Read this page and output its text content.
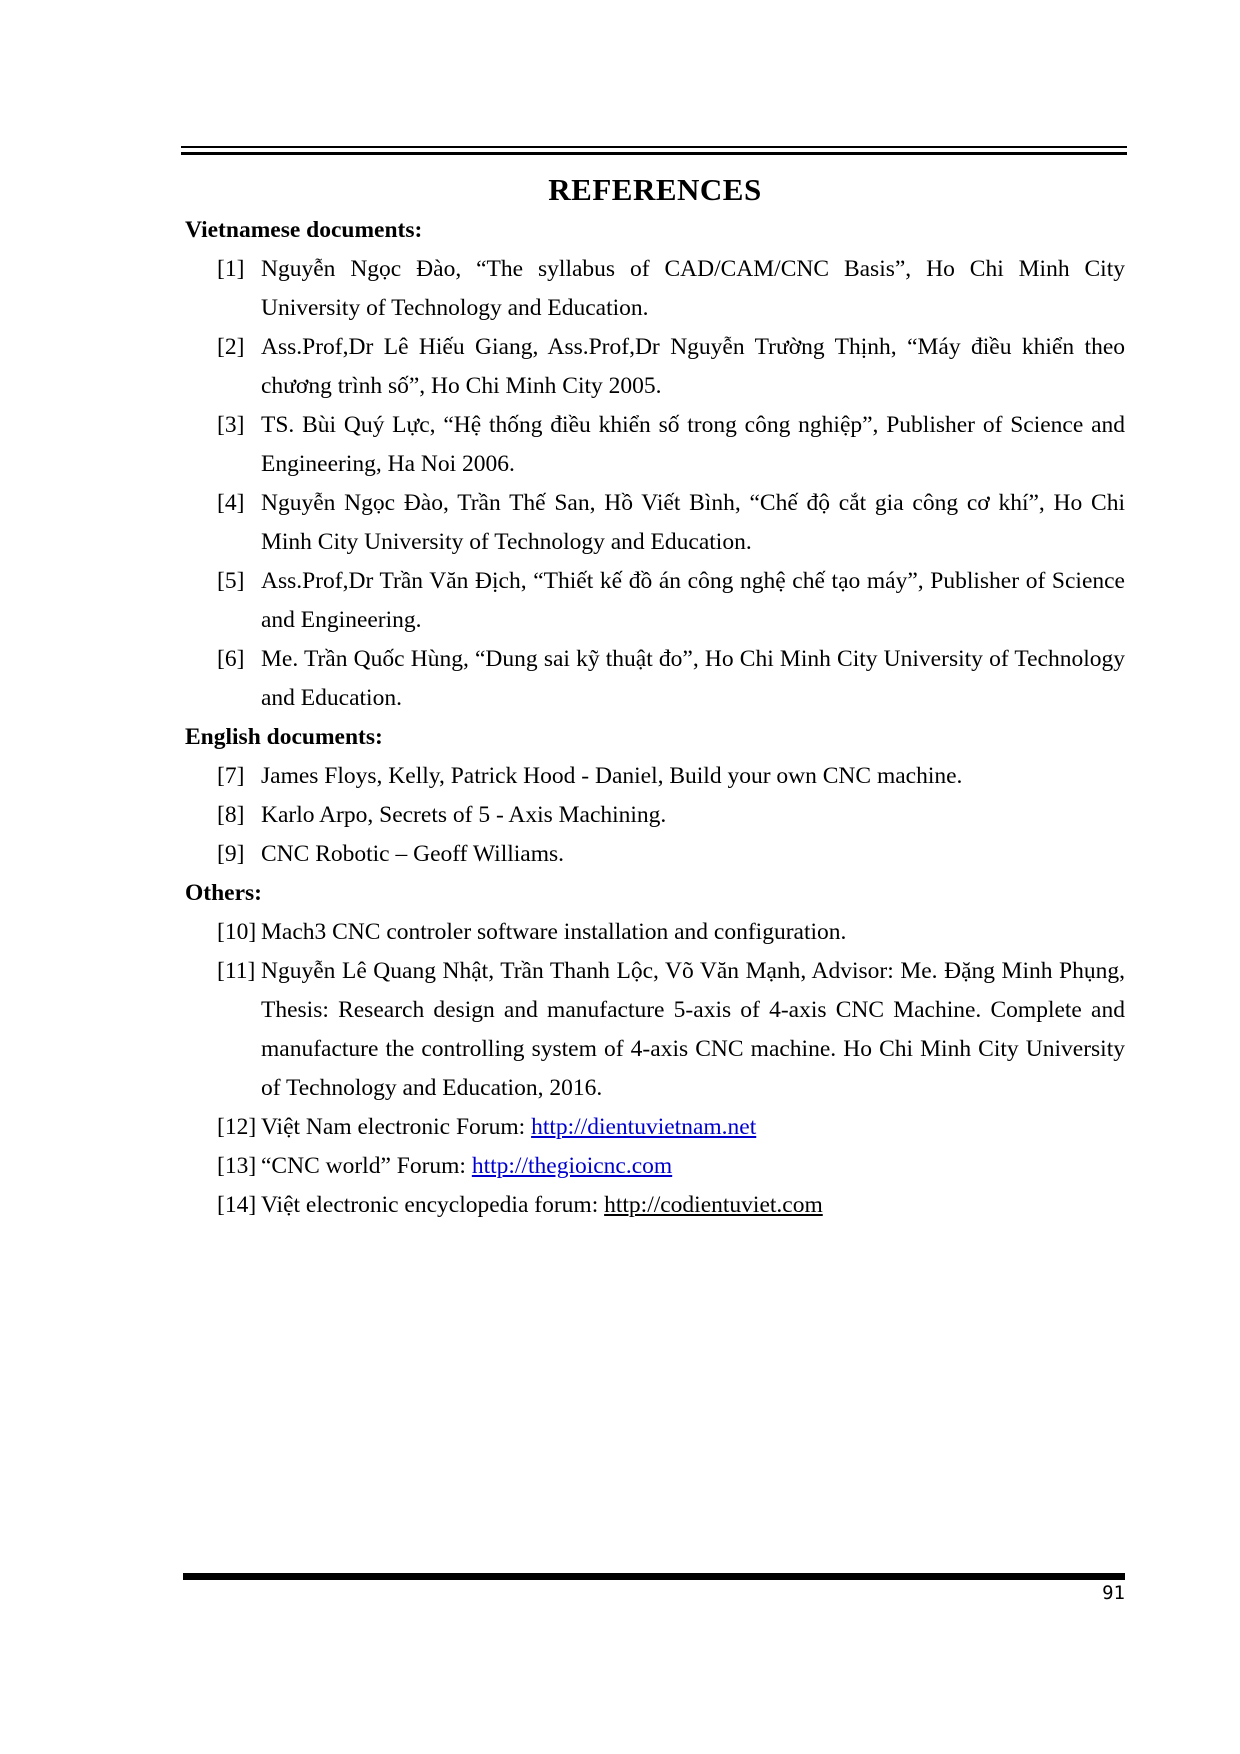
REFERENCES
Vietnamese documents:
[1] Nguyễn Ngọc Đào, “The syllabus of CAD/CAM/CNC Basis”, Ho Chi Minh City University of Technology and Education.
[2] Ass.Prof,Dr Lê Hiếu Giang, Ass.Prof,Dr Nguyễn Trường Thịnh, “Máy điều khiển theo chương trình số”, Ho Chi Minh City 2005.
[3] TS. Bùi Quý Lực, “Hệ thống điều khiển số trong công nghiệp”, Publisher of Science and Engineering, Ha Noi 2006.
[4] Nguyễn Ngọc Đào, Trần Thế San, Hồ Viết Bình, “Chế độ cắt gia công cơ khí”, Ho Chi Minh City University of Technology and Education.
[5] Ass.Prof,Dr Trần Văn Địch, “Thiết kế đồ án công nghệ chế tạo máy”, Publisher of Science and Engineering.
[6] Me. Trần Quốc Hùng, “Dung sai kỹ thuật đo”, Ho Chi Minh City University of Technology and Education.
English documents:
[7] James Floys, Kelly, Patrick Hood - Daniel, Build your own CNC machine.
[8] Karlo Arpo, Secrets of 5 - Axis Machining.
[9] CNC Robotic – Geoff Williams.
Others:
[10] Mach3 CNC controler software installation and configuration.
[11] Nguyễn Lê Quang Nhật, Trần Thanh Lộc, Võ Văn Mạnh, Advisor: Me. Đặng Minh Phụng, Thesis: Research design and manufacture 5-axis of 4-axis CNC Machine. Complete and manufacture the controlling system of 4-axis CNC machine. Ho Chi Minh City University of Technology and Education, 2016.
[12] Việt Nam electronic Forum: http://dientuvietnam.net
[13] “CNC world” Forum: http://thegioicnc.com
[14] Việt electronic encyclopedia forum: http://codientuviet.com
91
